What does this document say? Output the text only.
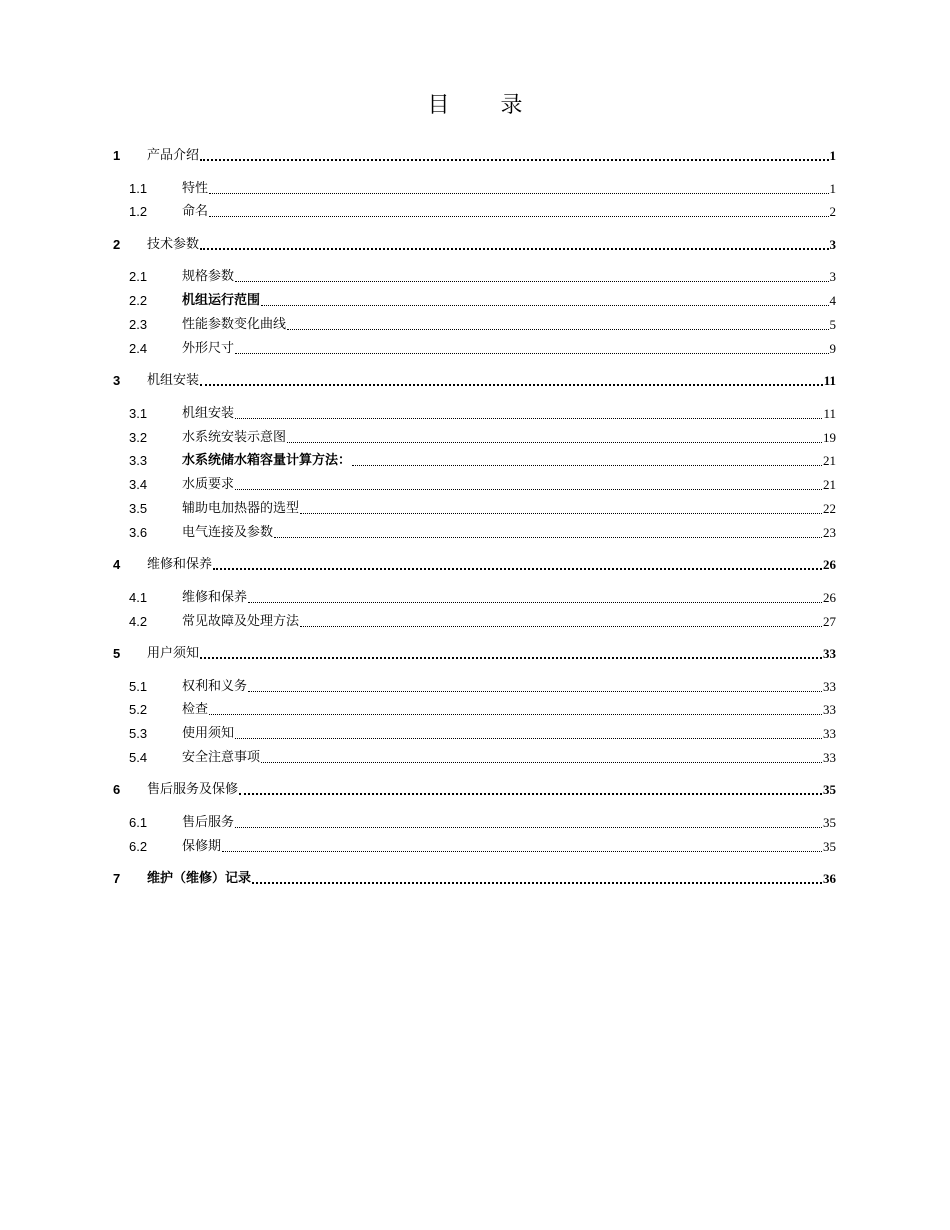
目 录
1	产品介绍	1
1.1	特性	1
1.2	命名	2
2	技术参数	3
2.1	规格参数	3
2.2	机组运行范围	4
2.3	性能参数变化曲线	5
2.4	外形尺寸	9
3	机组安装	11
3.1	机组安装	11
3.2	水系统安装示意图	19
3.3	水系统储水箱容量计算方法：	21
3.4	水质要求	21
3.5	辅助电加热器的选型	22
3.6	电气连接及参数	23
4	维修和保养	26
4.1	维修和保养	26
4.2	常见故障及处理方法	27
5	用户须知	33
5.1	权利和义务	33
5.2	检查	33
5.3	使用须知	33
5.4	安全注意事项	33
6	售后服务及保修	35
6.1	售后服务	35
6.2	保修期	35
7	维护（维修）记录	36
